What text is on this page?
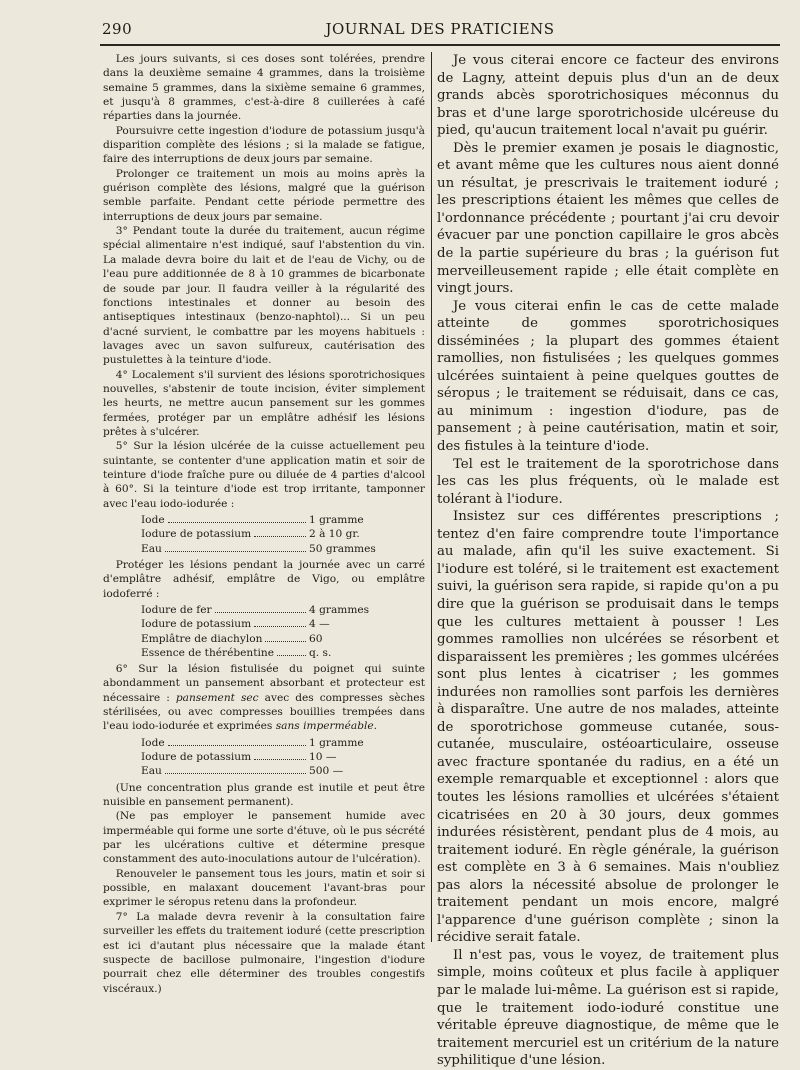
290	JOURNAL DES PRATICIENS

Les jours suivants, si ces doses sont tolérées, prendre dans la deuxième semaine 4 grammes, dans la troisième semaine 5 grammes, dans la sixième semaine 6 grammes, et jusqu'à 8 grammes, c'est-à-dire 8 cuillerées à café réparties dans la journée.

Poursuivre cette ingestion d'iodure de potassium jusqu'à disparition complète des lésions ; si la malade se fatigue, faire des interruptions de deux jours par semaine.

Prolonger ce traitement un mois au moins après la guérison complète des lésions, malgré que la guérison semble parfaite. Pendant cette période permettre des interruptions de deux jours par semaine.

3° Pendant toute la durée du traitement, aucun régime spécial alimentaire n'est indiqué, sauf l'abstention du vin. La malade devra boire du lait et de l'eau de Vichy, ou de l'eau pure additionnée de 8 à 10 grammes de bicarbonate de soude par jour. Il faudra veiller à la régularité des fonctions intestinales et donner au besoin des antiseptiques intestinaux (benzo-naphtol)... Si un peu d'acné survient, le combattre par les moyens habituels : lavages avec un savon sulfureux, cautérisation des pustulettes à la teinture d'iode.

4° Localement s'il survient des lésions sporotrichosiques nouvelles, s'abstenir de toute incision, éviter simplement les heurts, ne mettre aucun pansement sur les gommes fermées, protéger par un emplâtre adhésif les lésions prêtes à s'ulcérer.

5° Sur la lésion ulcérée de la cuisse actuellement peu suintante, se contenter d'une application matin et soir de teinture d'iode fraîche pure ou diluée de 4 parties d'alcool à 60°. Si la teinture d'iode est trop irritante, tamponner avec l'eau iodo-iodurée :

Iode	1 gramme
Iodure de potassium	2 à 10 gr.
Eau	50 grammes

Protéger les lésions pendant la journée avec un carré d'emplâtre adhésif, emplâtre de Vigo, ou emplâtre iodoferré :

Iodure de fer	4 grammes
Iodure de potassium	4 —
Emplâtre de diachylon	60
Essence de thérébentine	q. s.

6° Sur la lésion fistulisée du poignet qui suinte abondamment un pansement absorbant et protecteur est nécessaire : pansement sec avec des compresses sèches stérilisées, ou avec compresses bouillies trempées dans l'eau iodo-iodurée et exprimées sans imperméable.

Iode	1 gramme
Iodure de potassium	10 —
Eau	500 —

(Une concentration plus grande est inutile et peut être nuisible en pansement permanent).

(Ne pas employer le pansement humide avec imperméable qui forme une sorte d'étuve, où le pus sécrété par les ulcérations cultive et détermine presque constamment des auto-inoculations autour de l'ulcération).

Renouveler le pansement tous les jours, matin et soir si possible, en malaxant doucement l'avant-bras pour exprimer le séropus retenu dans la profondeur.

7° La malade devra revenir à la consultation faire surveiller les effets du traitement ioduré (cette prescription est ici d'autant plus nécessaire que la malade étant suspecte de bacillose pulmonaire, l'ingestion d'iodure pourrait chez elle déterminer des troubles congestifs viscéraux.)

Je vous citerai encore ce facteur des environs de Lagny, atteint depuis plus d'un an de deux grands abcès sporotrichosiques méconnus du bras et d'une large sporotrichoside ulcéreuse du pied, qu'aucun traitement local n'avait pu guérir.

Dès le premier examen je posais le diagnostic, et avant même que les cultures nous aient donné un résultat, je prescrivais le traitement ioduré ; les prescriptions étaient les mêmes que celles de l'ordonnance précédente ; pourtant j'ai cru devoir évacuer par une ponction capillaire le gros abcès de la partie supérieure du bras ; la guérison fut merveilleusement rapide ; elle était complète en vingt jours.

Je vous citerai enfin le cas de cette malade atteinte de gommes sporotrichosiques disséminées ; la plupart des gommes étaient ramollies, non fistulisées ; les quelques gommes ulcérées suintaient à peine quelques gouttes de séropus ; le traitement se réduisait, dans ce cas, au minimum : ingestion d'iodure, pas de pansement ; à peine cautérisation, matin et soir, des fistules à la teinture d'iode.

Tel est le traitement de la sporotrichose dans les cas les plus fréquents, où le malade est tolérant à l'iodure.

Insistez sur ces différentes prescriptions ; tentez d'en faire comprendre toute l'importance au malade, afin qu'il les suive exactement. Si l'iodure est toléré, si le traitement est exactement suivi, la guérison sera rapide, si rapide qu'on a pu dire que la guérison se produisait dans le temps que les cultures mettaient à pousser ! Les gommes ramollies non ulcérées se résorbent et disparaissent les premières ; les gommes ulcérées sont plus lentes à cicatriser ; les gommes indurées non ramollies sont parfois les dernières à disparaître. Une autre de nos malades, atteinte de sporotrichose gommeuse cutanée, sous-cutanée, musculaire, ostéoarticulaire, osseuse avec fracture spontanée du radius, en a été un exemple remarquable et exceptionnel : alors que toutes les lésions ramollies et ulcérées s'étaient cicatrisées en 20 à 30 jours, deux gommes indurées résistèrent, pendant plus de 4 mois, au traitement ioduré. En règle générale, la guérison est complète en 3 à 6 semaines. Mais n'oubliez pas alors la nécessité absolue de prolonger le traitement pendant un mois encore, malgré l'apparence d'une guérison complète ; sinon la récidive serait fatale.

Il n'est pas, vous le voyez, de traitement plus simple, moins coûteux et plus facile à appliquer par le malade lui-même. La guérison est si rapide, que le traitement iodo-ioduré constitue une véritable épreuve diagnostique, de même que le traitement mercuriel est un critérium de la nature syphilitique d'une lésion.
